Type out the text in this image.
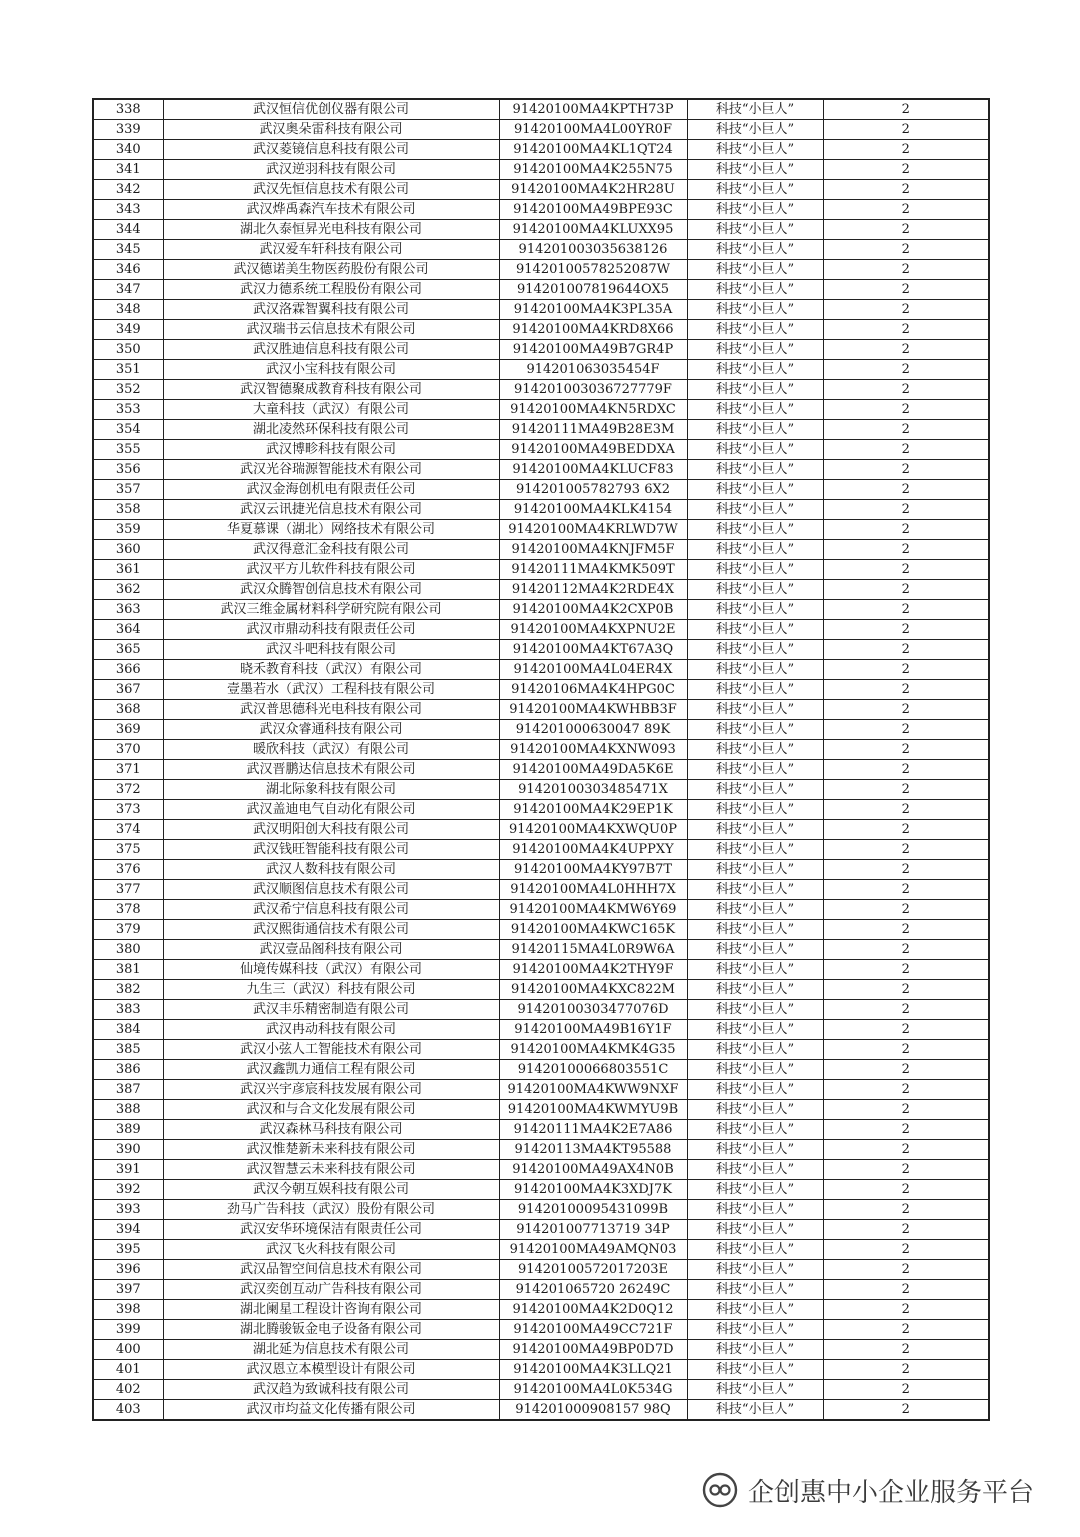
338	武汉恒信优创仪器有限公司	91420100MA4KPTH73P	科技“小巨人”	2
339	武汉奥朵雷科技有限公司	91420100MA4L00YR0F	科技“小巨人”	2
340	武汉菱镜信息科技有限公司	91420100MA4KL1QT24	科技“小巨人”	2
341	武汉逆羽科技有限公司	91420100MA4K255N75	科技“小巨人”	2
342	武汉先恒信息技术有限公司	91420100MA4K2HR28U	科技“小巨人”	2
343	武汉烨禹森汽车技术有限公司	91420100MA49BPE93C	科技“小巨人”	2
344	湖北久泰恒昇光电科技有限公司	91420100MA4KLUXX95	科技“小巨人”	2
345	武汉爱车轩科技有限公司	914201003035638126	科技“小巨人”	2
346	武汉德诺美生物医药股份有限公司	91420100578252087W	科技“小巨人”	2
347	武汉力德系统工程股份有限公司	914201007819644OX5	科技“小巨人”	2
348	武汉洛霖智翼科技有限公司	91420100MA4K3PL35A	科技“小巨人”	2
349	武汉瑞书云信息技术有限公司	91420100MA4KRD8X66	科技“小巨人”	2
350	武汉胜迪信息科技有限公司	91420100MA49B7GR4P	科技“小巨人”	2
351	武汉小宝科技有限公司	914201063035454F	科技“小巨人”	2
352	武汉智德聚成教育科技有限公司	914201003036727779F	科技“小巨人”	2
353	大童科技（武汉）有限公司	91420100MA4KN5RDXC	科技“小巨人”	2
354	湖北凌然环保科技有限公司	91420111MA49B28E3M	科技“小巨人”	2
355	武汉博畛科技有限公司	91420100MA49BEDDXA	科技“小巨人”	2
356	武汉光谷瑞源智能技术有限公司	91420100MA4KLUCF83	科技“小巨人”	2
357	武汉金海创机电有限责任公司	914201005782793 6X2	科技“小巨人”	2
358	武汉云讯捷光信息技术有限公司	91420100MA4KLK4154	科技“小巨人”	2
359	华夏慕课（湖北）网络技术有限公司	91420100MA4KRLWD7W	科技“小巨人”	2
360	武汉得意汇金科技有限公司	91420100MA4KNJFM5F	科技“小巨人”	2
361	武汉平方儿软件科技有限公司	91420111MA4KMK509T	科技“小巨人”	2
362	武汉众腾智创信息技术有限公司	91420112MA4K2RDE4X	科技“小巨人”	2
363	武汉三维金属材料科学研究院有限公司	91420100MA4K2CXP0B	科技“小巨人”	2
364	武汉市鼎动科技有限责任公司	91420100MA4KXPNU2E	科技“小巨人”	2
365	武汉斗吧科技有限公司	91420100MA4KT67A3Q	科技“小巨人”	2
366	晓禾教育科技（武汉）有限公司	91420100MA4L04ER4X	科技“小巨人”	2
367	壹墨若水（武汉）工程科技有限公司	91420106MA4K4HPG0C	科技“小巨人”	2
368	武汉普思德科光电科技有限公司	91420100MA4KWHBB3F	科技“小巨人”	2
369	武汉众睿通科技有限公司	914201000630047 89K	科技“小巨人”	2
370	暖欣科技（武汉）有限公司	91420100MA4KXNW093	科技“小巨人”	2
371	武汉晋鹏达信息技术有限公司	91420100MA49DA5K6E	科技“小巨人”	2
372	湖北际象科技有限公司	91420100303485471X	科技“小巨人”	2
373	武汉盖迪电气自动化有限公司	91420100MA4K29EP1K	科技“小巨人”	2
374	武汉明阳创大科技有限公司	91420100MA4KXWQU0P	科技“小巨人”	2
375	武汉钱旺智能科技有限公司	91420100MA4K4UPPXY	科技“小巨人”	2
376	武汉人数科技有限公司	91420100MA4KY97B7T	科技“小巨人”	2
377	武汉顺图信息技术有限公司	91420100MA4L0HHH7X	科技“小巨人”	2
378	武汉希宁信息科技有限公司	91420100MA4KMW6Y69	科技“小巨人”	2
379	武汉熙街通信技术有限公司	91420100MA4KWC165K	科技“小巨人”	2
380	武汉壹品阁科技有限公司	91420115MA4L0R9W6A	科技“小巨人”	2
381	仙境传媒科技（武汉）有限公司	91420100MA4K2THY9F	科技“小巨人”	2
382	九生三（武汉）科技有限公司	91420100MA4KXC822M	科技“小巨人”	2
383	武汉丰乐精密制造有限公司	91420100303477076D	科技“小巨人”	2
384	武汉冉动科技有限公司	91420100MA49B16Y1F	科技“小巨人”	2
385	武汉小弦人工智能技术有限公司	91420100MA4KMK4G35	科技“小巨人”	2
386	武汉鑫凯力通信工程有限公司	91420100066803551C	科技“小巨人”	2
387	武汉兴宇彦宸科技发展有限公司	91420100MA4KWW9NXF	科技“小巨人”	2
388	武汉和与合文化发展有限公司	91420100MA4KWMYU9B	科技“小巨人”	2
389	武汉森林马科技有限公司	91420111MA4K2E7A86	科技“小巨人”	2
390	武汉惟楚新未来科技有限公司	91420113MA4KT95588	科技“小巨人”	2
391	武汉智慧云未来科技有限公司	91420100MA49AX4N0B	科技“小巨人”	2
392	武汉今朝互娱科技有限公司	91420100MA4K3XDJ7K	科技“小巨人”	2
393	劲马广告科技（武汉）股份有限公司	91420100095431099B	科技“小巨人”	2
394	武汉安华环境保洁有限责任公司	914201007713719 34P	科技“小巨人”	2
395	武汉飞火科技有限公司	91420100MA49AMQN03	科技“小巨人”	2
396	武汉品智空间信息技术有限公司	91420100572017203E	科技“小巨人”	2
397	武汉奕创互动广告科技有限公司	914201065720 26249C	科技“小巨人”	2
398	湖北阑星工程设计咨询有限公司	91420100MA4K2D0Q12	科技“小巨人”	2
399	湖北腾骏钣金电子设备有限公司	91420100MA49CC721F	科技“小巨人”	2
400	湖北延为信息技术有限公司	91420100MA49BP0D7D	科技“小巨人”	2
401	武汉恩立本模型设计有限公司	91420100MA4K3LLQ21	科技“小巨人”	2
402	武汉趋为致诚科技有限公司	91420100MA4L0K534G	科技“小巨人”	2
403	武汉市均益文化传播有限公司	914201000908157 98Q	科技“小巨人”	2
企创惠中小企业服务平台
